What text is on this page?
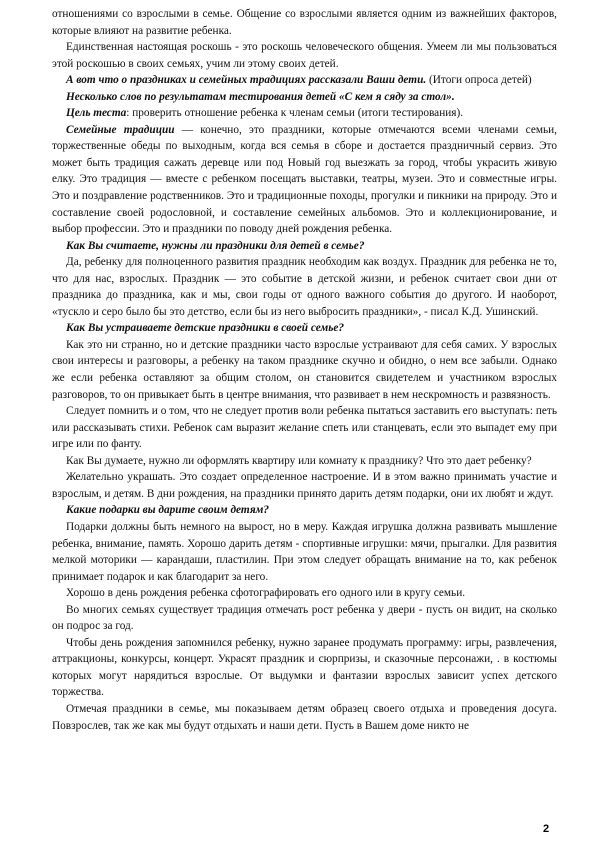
отношениями со взрослыми в семье. Общение со взрослыми является одним из важнейших факторов, которые влияют на развитие ребенка.

Единственная настоящая роскошь - это роскошь человеческого общения. Умеем ли мы пользоваться этой роскошью в своих семьях, учим ли этому своих детей.

А вот что о праздниках и семейных традициях рассказали Ваши дети. (Итоги опроса детей)

Несколько слов по результатам тестирования детей «С кем я сяду за стол».

Цель теста: проверить отношение ребенка к членам семьи (итоги тестирования).

Семейные традиции — конечно, это праздники, которые отмечаются всеми членами семьи, торжественные обеды по выходным, когда вся семья в сборе и достается праздничный сервиз. Это может быть традиция сажать деревце или под Новый год выезжать за город, чтобы украсить живую елку. Это традиция — вместе с ребенком посещать выставки, театры, музеи. Это и совместные игры. Это и поздравление родственников. Это и традиционные походы, прогулки и пикники на природу. Это и составление своей родословной, и составление семейных альбомов. Это и коллекционирование, и выбор профессии. Это и праздники по поводу дней рождения ребенка.

Как Вы считаете, нужны ли праздники для детей в семье?

Да, ребенку для полноценного развития праздник необходим как воздух. Праздник для ребенка не то, что для нас, взрослых. Праздник — это событие в детской жизни, и ребенок считает свои дни от праздника до праздника, как и мы, свои годы от одного важного события до другого. И наоборот, «тускло и серо было бы это детство, если бы из него выбросить праздники», - писал К.Д. Ушинский.

Как Вы устраиваете детские праздники в своей семье?

Как это ни странно, но и детские праздники часто взрослые устраивают для себя самих. У взрослых свои интересы и разговоры, а ребенку на таком празднике скучно и обидно, о нем все забыли. Однако же если ребенка оставляют за общим столом, он становится свидетелем и участником взрослых разговоров, то он привыкает быть в центре внимания, что развивает в нем нескромность и развязность.

Следует помнить и о том, что не следует против воли ребенка пытаться заставить его выступать: петь или рассказывать стихи. Ребенок сам выразит желание спеть или станцевать, если это выпадет ему при игре или по фанту.

Как Вы думаете, нужно ли оформлять квартиру или комнату к празднику? Что это дает ребенку?

Желательно украшать. Это создает определенное настроение. И в этом важно принимать участие и взрослым, и детям. В дни рождения, на праздники принято дарить детям подарки, они их любят и ждут.

Какие подарки вы дарите своим детям?

Подарки должны быть немного на вырост, но в меру. Каждая игрушка должна развивать мышление ребенка, внимание, память. Хорошо дарить детям - спортивные игрушки: мячи, прыгалки. Для развития мелкой моторики — карандаши, пластилин. При этом следует обращать внимание на то, как ребенок принимает подарок и как благодарит за него.

Хорошо в день рождения ребенка сфотографировать его одного или в кругу семьи.

Во многих семьях существует традиция отмечать рост ребенка у двери - пусть он видит, на сколько он подрос за год.

Чтобы день рождения запомнился ребенку, нужно заранее продумать программу: игры, развлечения, аттракционы, конкурсы, концерт. Украсят праздник и сюрпризы, и сказочные персонажи, . в костюмы которых могут нарядиться взрослые. От выдумки и фантазии взрослых зависит успех детского торжества.

Отмечая праздники в семье, мы показываем детям образец своего отдыха и проведения досуга. Повзрослев, так же как мы будут отдыхать и наши дети. Пусть в Вашем доме никто не

2
